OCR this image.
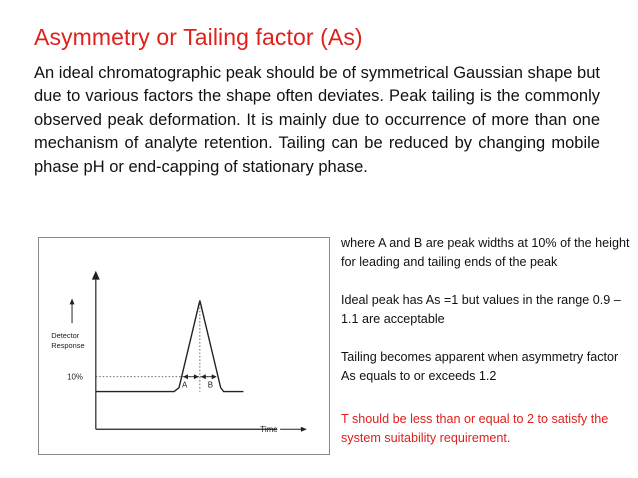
Asymmetry or Tailing factor (As)
An ideal chromatographic peak should be of symmetrical Gaussian shape but due to various factors the shape often deviates. Peak tailing is the commonly observed peak deformation. It is mainly due to occurrence of more than one mechanism of analyte retention. Tailing can be reduced by changing mobile phase pH or end-capping of stationary phase.
Detector
Response
10%
A	B
Time

where A and B are peak widths at 10% of the height for leading and tailing ends of the peak

Ideal peak has As =1 but values in the range 0.9 – 1.1 are acceptable

Tailing becomes apparent when asymmetry factor As equals to or exceeds 1.2

T should be less than or equal to 2 to satisfy the system suitability requirement.
